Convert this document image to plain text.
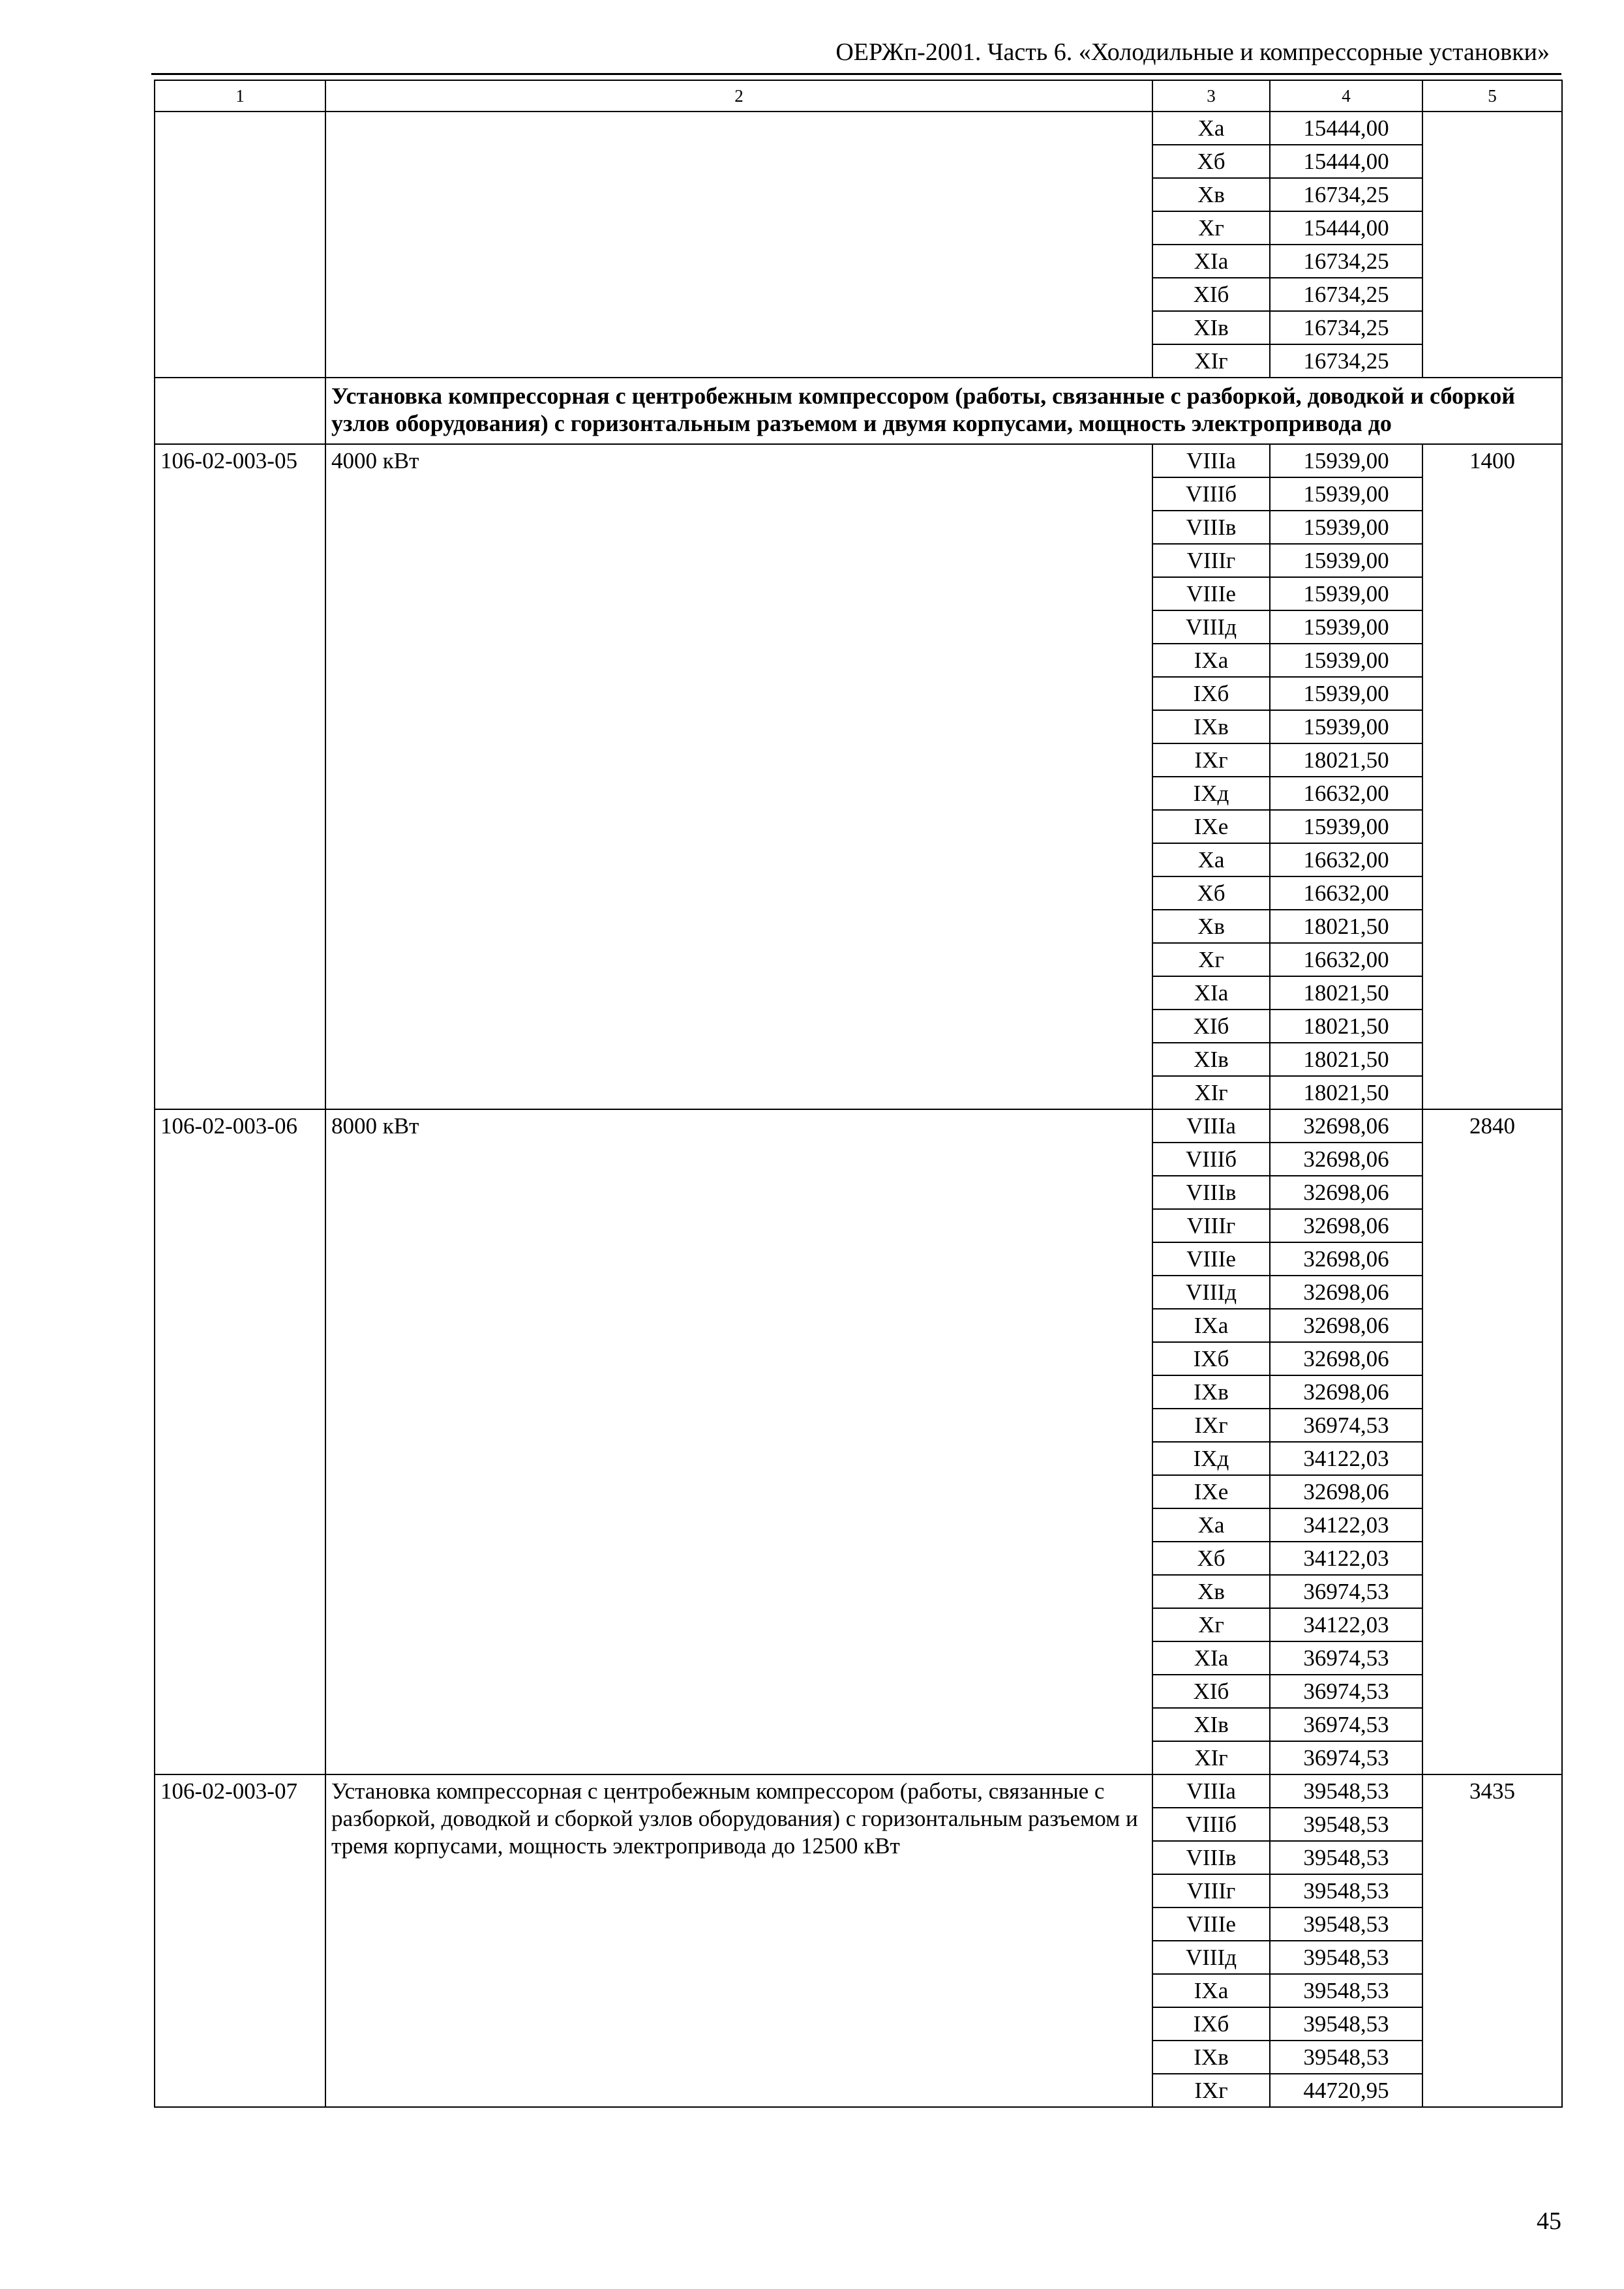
ОЕРЖп-2001. Часть 6. «Холодильные и компрессорные установки»
1	2	3	4	5
		Xа	15444,00	
		Xб	15444,00	
		Xв	16734,25	
		Xг	15444,00	
		XIа	16734,25	
		XIб	16734,25	
		XIв	16734,25	
		XIг	16734,25	
	Установка компрессорная с центробежным компрессором (работы, связанные с разборкой, доводкой и сборкой узлов оборудования) с горизонтальным разъемом и двумя корпусами, мощность электропривода до			
106-02-003-05	4000 кВт	VIIIа	15939,00	1400
		VIIIб	15939,00	
		VIIIв	15939,00	
		VIIIг	15939,00	
		VIIIе	15939,00	
		VIIIд	15939,00	
		IXа	15939,00	
		IXб	15939,00	
		IXв	15939,00	
		IXг	18021,50	
		IXд	16632,00	
		IXе	15939,00	
		Xа	16632,00	
		Xб	16632,00	
		Xв	18021,50	
		Xг	16632,00	
		XIа	18021,50	
		XIб	18021,50	
		XIв	18021,50	
		XIг	18021,50	
106-02-003-06	8000 кВт	VIIIа	32698,06	2840
		VIIIб	32698,06	
		VIIIв	32698,06	
		VIIIг	32698,06	
		VIIIе	32698,06	
		VIIIд	32698,06	
		IXа	32698,06	
		IXб	32698,06	
		IXв	32698,06	
		IXг	36974,53	
		IXд	34122,03	
		IXе	32698,06	
		Xа	34122,03	
		Xб	34122,03	
		Xв	36974,53	
		Xг	34122,03	
		XIа	36974,53	
		XIб	36974,53	
		XIв	36974,53	
		XIг	36974,53	
106-02-003-07	Установка компрессорная с центробежным компрессором (работы, связанные с разборкой, доводкой и сборкой узлов оборудования) с горизонтальным разъемом и тремя корпусами, мощность электропривода до 12500 кВт	VIIIа	39548,53	3435
		VIIIб	39548,53	
		VIIIв	39548,53	
		VIIIг	39548,53	
		VIIIе	39548,53	
		VIIIд	39548,53	
		IXа	39548,53	
		IXб	39548,53	
		IXв	39548,53	
		IXг	44720,95	
45
